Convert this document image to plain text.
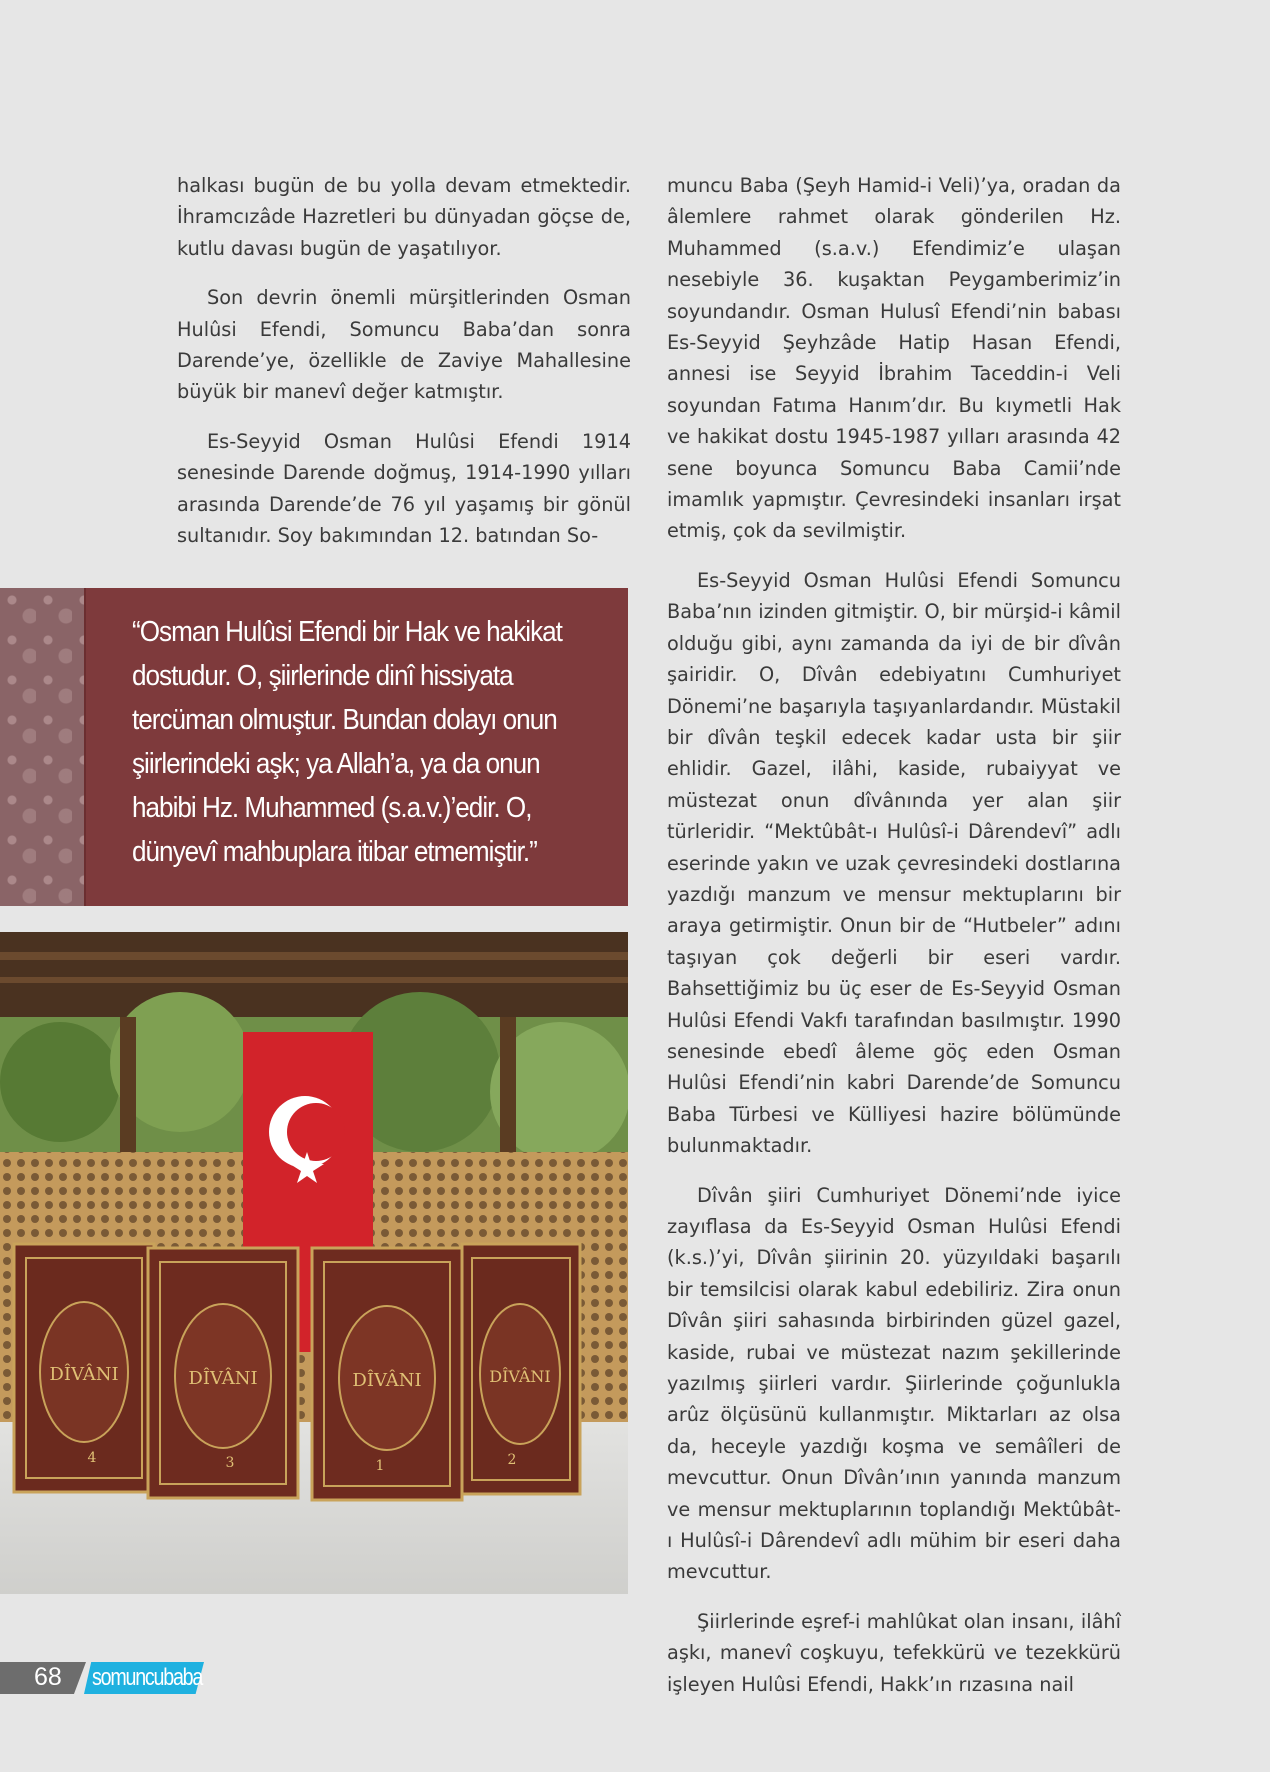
halkası bugün de bu yolla devam etmektedir. İhramcızâde Hazretleri bu dünyadan göçse de, kutlu davası bugün de yaşatılıyor.

Son devrin önemli mürşitlerinden Osman Hulûsi Efendi, Somuncu Baba’dan sonra Darende’ye, özellikle de Zaviye Mahallesine büyük bir manevî değer katmıştır.

Es-Seyyid Osman Hulûsi Efendi 1914 senesinde Darende doğmuş, 1914-1990 yılları arasında Darende’de 76 yıl yaşamış bir gönül sultanıdır. Soy bakımından 12. batından So-

muncu Baba (Şeyh Hamid-i Veli)’ya, oradan da âlemlere rahmet olarak gönderilen Hz. Muhammed (s.a.v.) Efendimiz’e ulaşan nesebiyle 36. kuşaktan Peygamberimiz’in soyundandır. Osman Hulusî Efendi’nin babası Es-Seyyid Şeyhzâde Hatip Hasan Efendi, annesi ise Seyyid İbrahim Taceddin-i Veli soyundan Fatıma Hanım’dır. Bu kıymetli Hak ve hakikat dostu 1945-1987 yılları arasında 42 sene boyunca Somuncu Baba Camii’nde imamlık yapmıştır. Çevresindeki insanları irşat etmiş, çok da sevilmiştir.

Es-Seyyid Osman Hulûsi Efendi Somuncu Baba’nın izinden gitmiştir. O, bir mürşid-i kâmil olduğu gibi, aynı zamanda da iyi de bir dîvân şairidir. O, Dîvân edebiyatını Cumhuriyet Dönemi’ne başarıyla taşıyanlardandır. Müstakil bir dîvân teşkil edecek kadar usta bir şiir ehlidir. Gazel, ilâhi, kaside, rubaiyyat ve müstezat onun dîvânında yer alan şiir türleridir. “Mektûbât-ı Hulûsî-i Dârendevî” adlı eserinde yakın ve uzak çevresindeki dostlarına yazdığı manzum ve mensur mektuplarını bir araya getirmiştir. Onun bir de “Hutbeler” adını taşıyan çok değerli bir eseri vardır. Bahsettiğimiz bu üç eser de Es-Seyyid Osman Hulûsi Efendi Vakfı tarafından basılmıştır. 1990 senesinde ebedî âleme göç eden Osman Hulûsi Efendi’nin kabri Darende’de Somuncu Baba Türbesi ve Külliyesi hazire bölümünde bulunmaktadır.

Dîvân şiiri Cumhuriyet Dönemi’nde iyice zayıflasa da Es-Seyyid Osman Hulûsi Efendi (k.s.)’yi, Dîvân şiirinin 20. yüzyıldaki başarılı bir temsilcisi olarak kabul edebiliriz. Zira onun Dîvân şiiri sahasında birbirinden güzel gazel, kaside, rubai ve müstezat nazım şekillerinde yazılmış şiirleri vardır. Şiirlerinde çoğunlukla arûz ölçüsünü kullanmıştır. Miktarları az olsa da, heceyle yazdığı koşma ve semâîleri de mevcuttur. Onun Dîvân’ının yanında manzum ve mensur mektuplarının toplandığı Mektûbât-ı Hulûsî-i Dârendevî adlı mühim bir eseri daha mevcuttur.

Şiirlerinde eşref-i mahlûkat olan insanı, ilâhî aşkı, manevî coşkuyu, tefekkürü ve tezekkürü işleyen Hulûsi Efendi, Hakk’ın rızasına nail

“Osman Hulûsi Efendi bir Hak ve hakikat dostudur. O, şiirlerinde dinî hissiyata tercüman olmuştur. Bundan dolayı onun şiirlerindeki aşk; ya Allah’a, ya da onun habibi Hz. Muhammed (s.a.v.)’edir. O, dünyevî mahbuplara itibar etmemiştir.”
DÎVÂNI
4
DÎVÂNI
3
DÎVÂNI
1
DÎVÂNI
2
68 somuncubaba
